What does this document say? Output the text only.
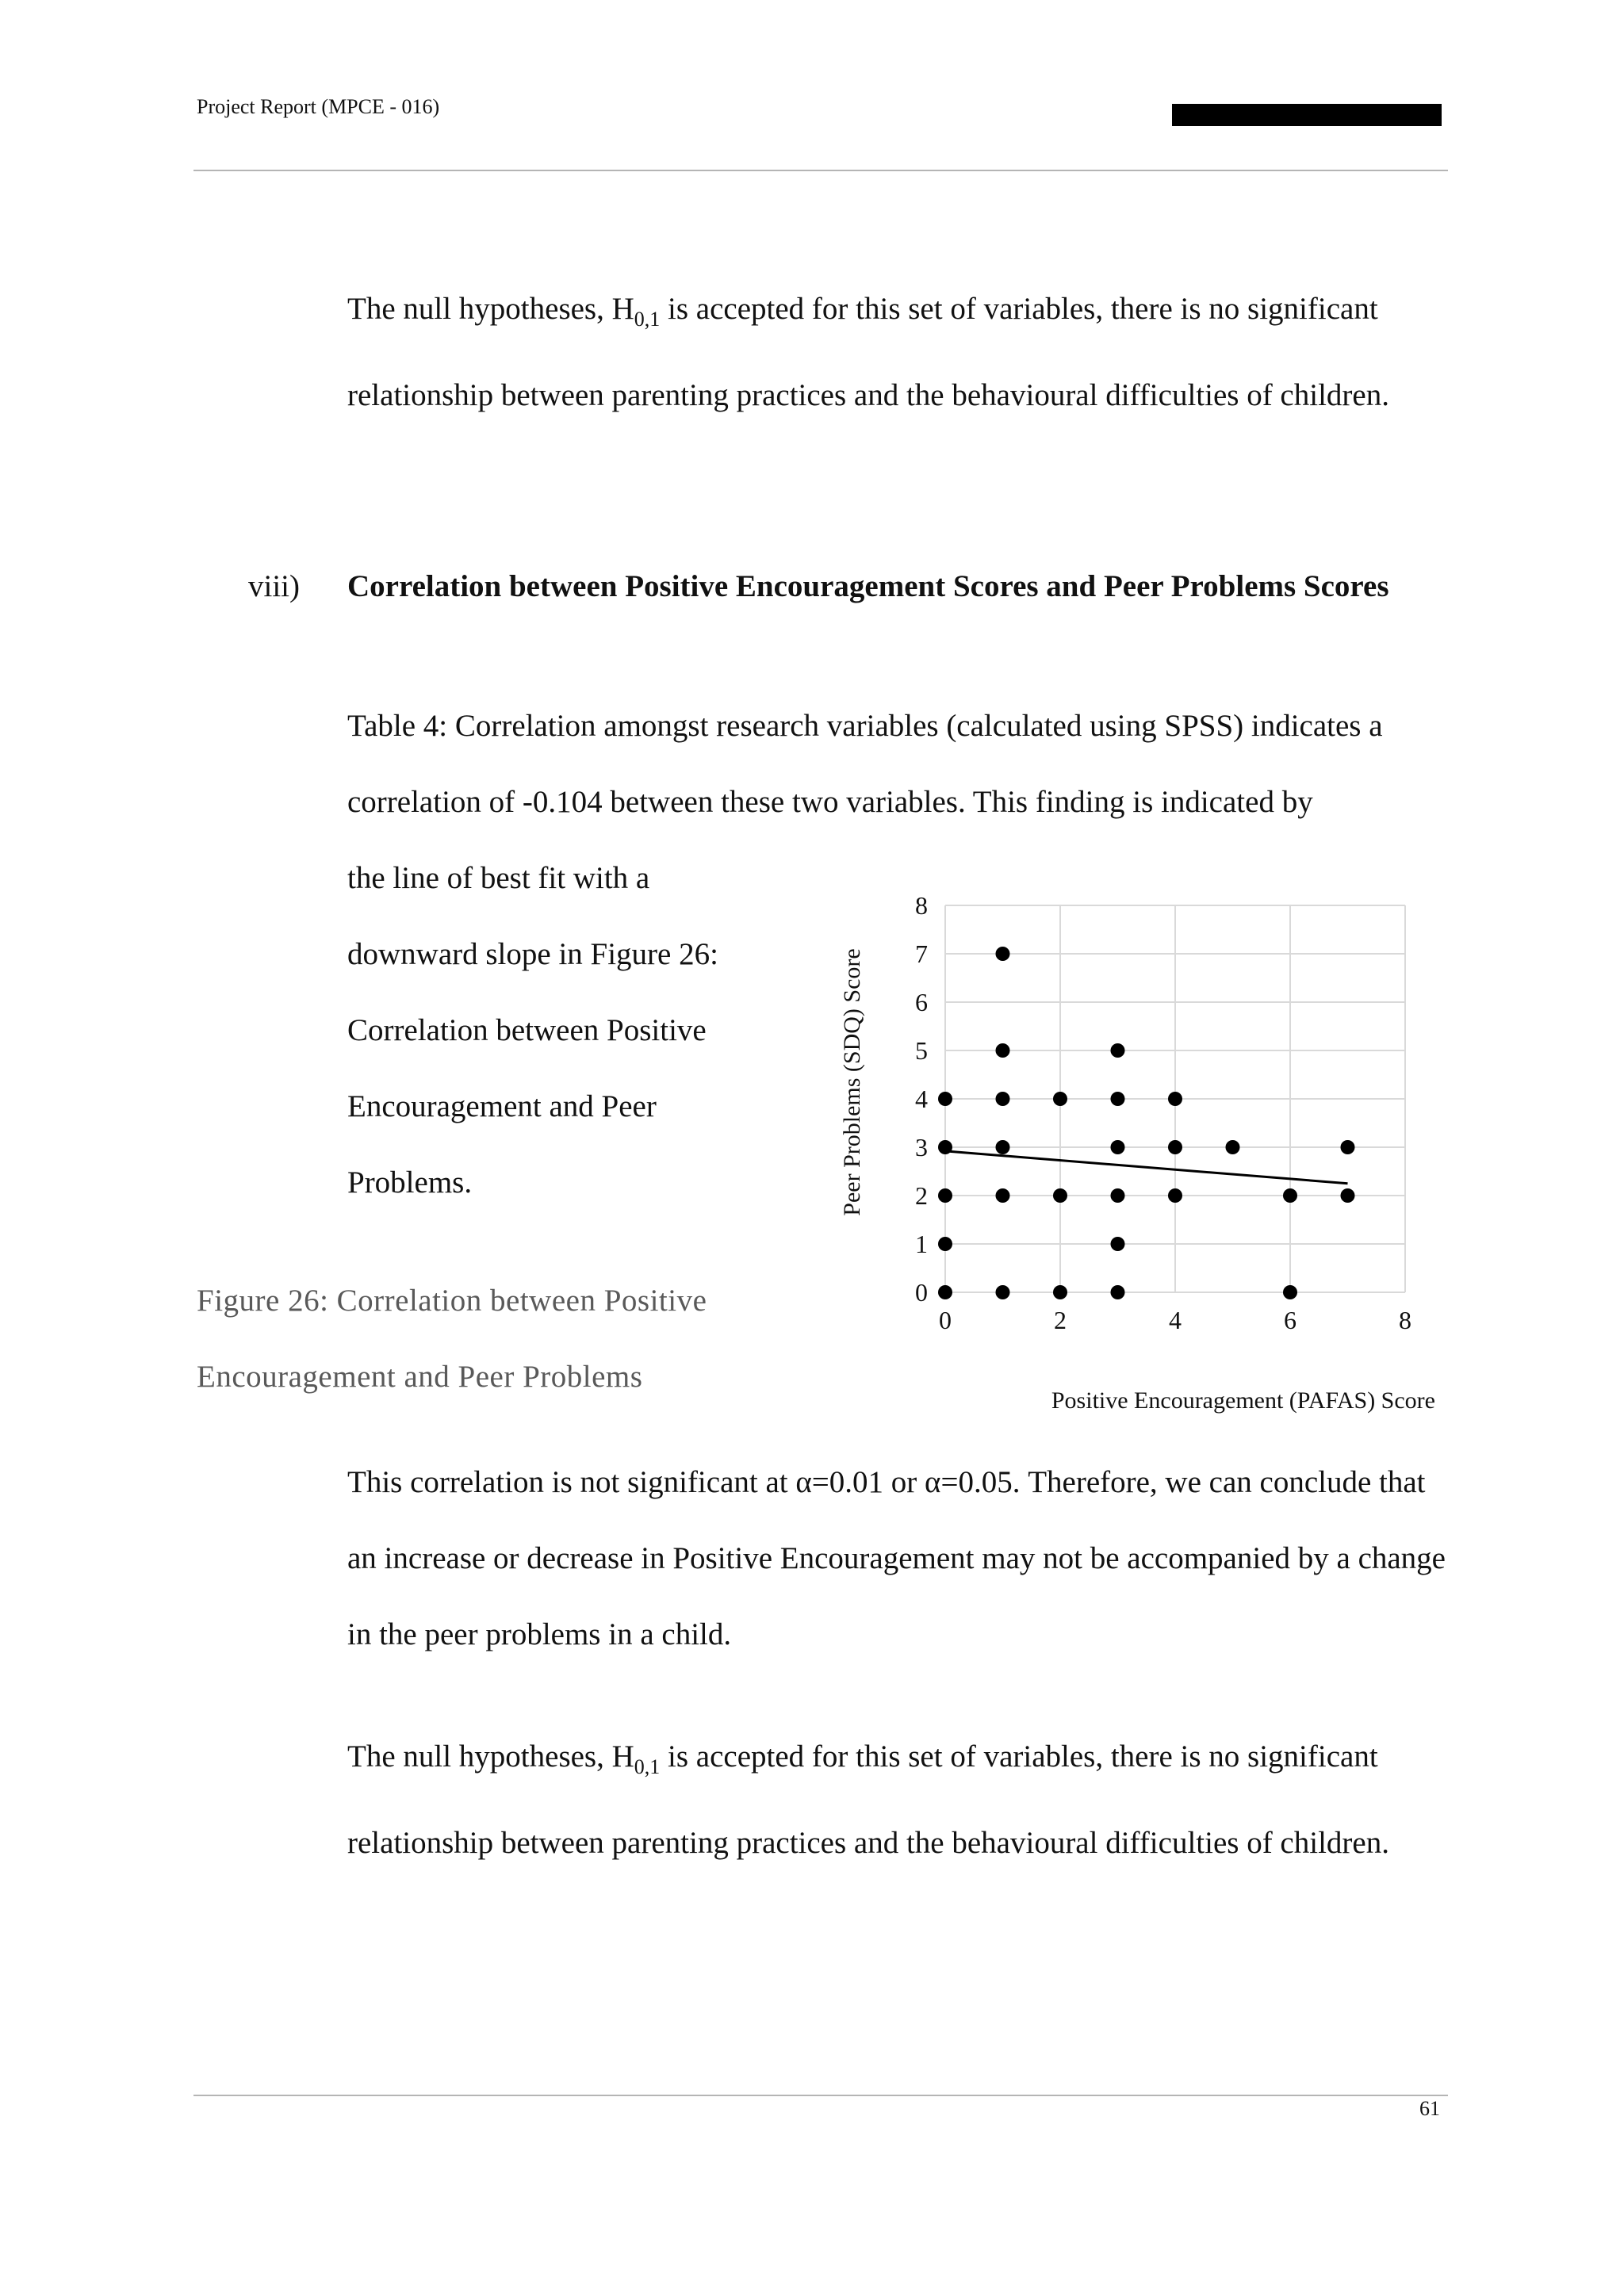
Project Report (MPCE - 016)
The null hypotheses, $H_{0,1}$ is accepted for this set of variables, there is no significant relationship between parenting practices and the behavioural difficulties of children.
viii) Correlation between Positive Encouragement Scores and Peer Problems Scores
Table 4: Correlation amongst research variables (calculated using SPSS) indicates a correlation of -0.104 between these two variables. This finding is indicated by
the line of best fit with a
downward slope in Figure 26:
Correlation between Positive
Encouragement and Peer
Problems.
Figure 26: Correlation between Positive Encouragement and Peer Problems
0
1
2
3
4
5
6
7
8
0	2	4	6	8
Peer Problems (SDQ) Score
Positive Encouragement (PAFAS) Score
This correlation is not significant at α=0.01 or α=0.05. Therefore, we can conclude that an increase or decrease in Positive Encouragement may not be accompanied by a change in the peer problems in a child.
The null hypotheses, $H_{0,1}$ is accepted for this set of variables, there is no significant relationship between parenting practices and the behavioural difficulties of children.
61
